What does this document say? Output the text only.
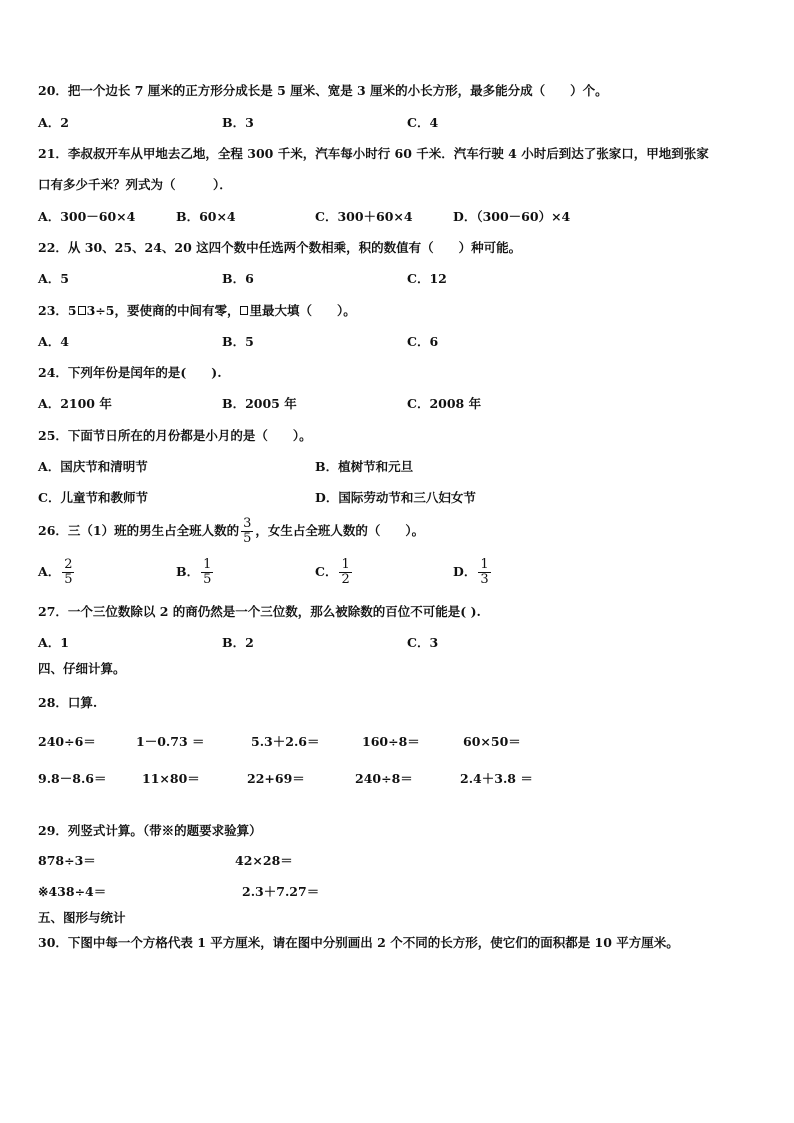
20．把一个边长 7 厘米的正方形分成长是 5 厘米、宽是 3 厘米的小长方形，最多能分成（　　）个。
A．2	B．3	C．4
21．李叔叔开车从甲地去乙地，全程 300 千米，汽车每小时行 60 千米．汽车行驶 4 小时后到达了张家口，甲地到张家
口有多少千米？列式为（　　　）．
A．300－60×4	B．60×4	C．300＋60×4	D．（300－60）×4
22．从 30、25、24、20 这四个数中任选两个数相乘，积的数值有（　　）种可能。
A．5	B．6	C．12
23．5 3÷5，要使商的中间有零， 里最大填（　　）。
A．4	B．5	C．6
24．下列年份是闰年的是(　　).
A．2100 年	B．2005 年	C．2008 年
25．下面节日所在的月份都是小月的是（　　）。
A．国庆节和清明节	B．植树节和元旦
C．儿童节和教师节	D．国际劳动节和三八妇女节
26．三（1）班的男生占全班人数的 $\frac{3}{5}$ ，女生占全班人数的（　　）。
A． $\frac{2}{5}$	B． $\frac{1}{5}$	C． $\frac{1}{2}$	D． $\frac{1}{3}$
27．一个三位数除以 2 的商仍然是一个三位数，那么被除数的百位不可能是( ).
A．1	B．2	C．3
四、仔细计算。
28．口算.
240÷6＝	1－0.73 ＝	5.3＋2.6＝	160÷8＝	60×50＝
9.8－8.6＝	11×80＝	22+69＝	240÷8＝	2.4＋3.8 ＝
29．列竖式计算。（带※的题要求验算）
878÷3＝	42×28＝
※438÷4＝	2.3＋7.27＝
五、图形与统计
30．下图中每一个方格代表 1 平方厘米，请在图中分别画出 2 个不同的长方形，使它们的面积都是 10 平方厘米。
